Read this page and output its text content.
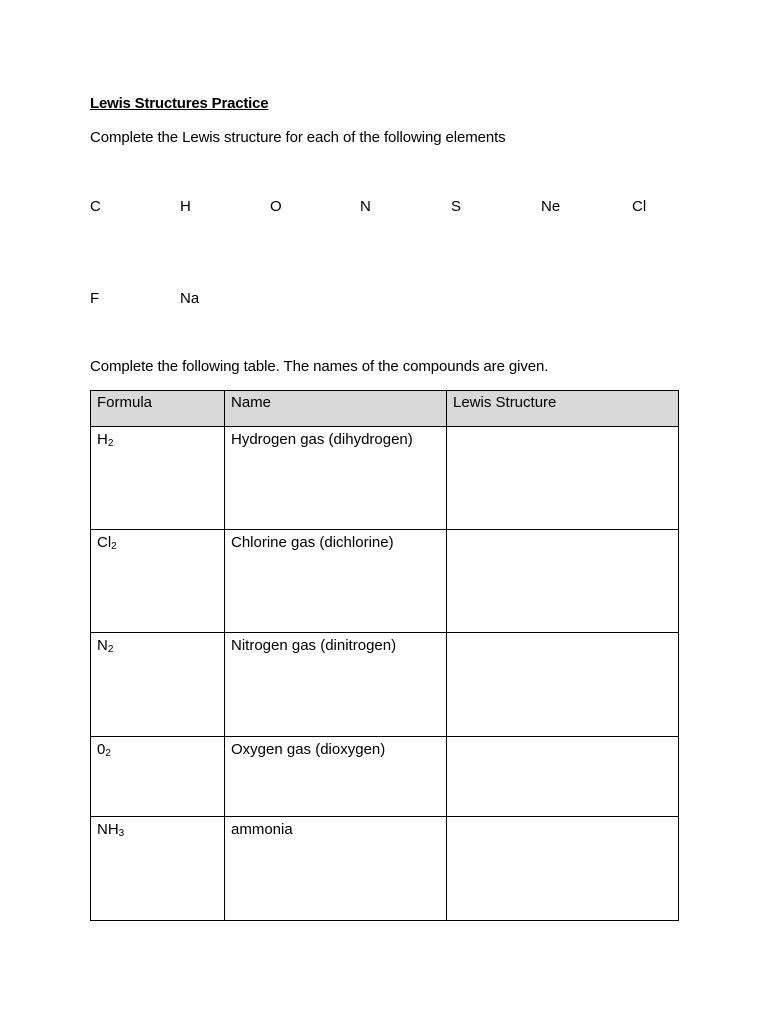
Lewis Structures Practice

Complete the Lewis structure for each of the following elements

C	H	O	N	S	Ne	Cl
F	Na

Complete the following table. The names of the compounds are given.

Formula	Name	Lewis Structure
$H_2$	Hydrogen gas (dihydrogen)	
$Cl_2$	Chlorine gas (dichlorine)	
$N_2$	Nitrogen gas (dinitrogen)	
$0_2$	Oxygen gas (dioxygen)	
$NH_3$	ammonia	
